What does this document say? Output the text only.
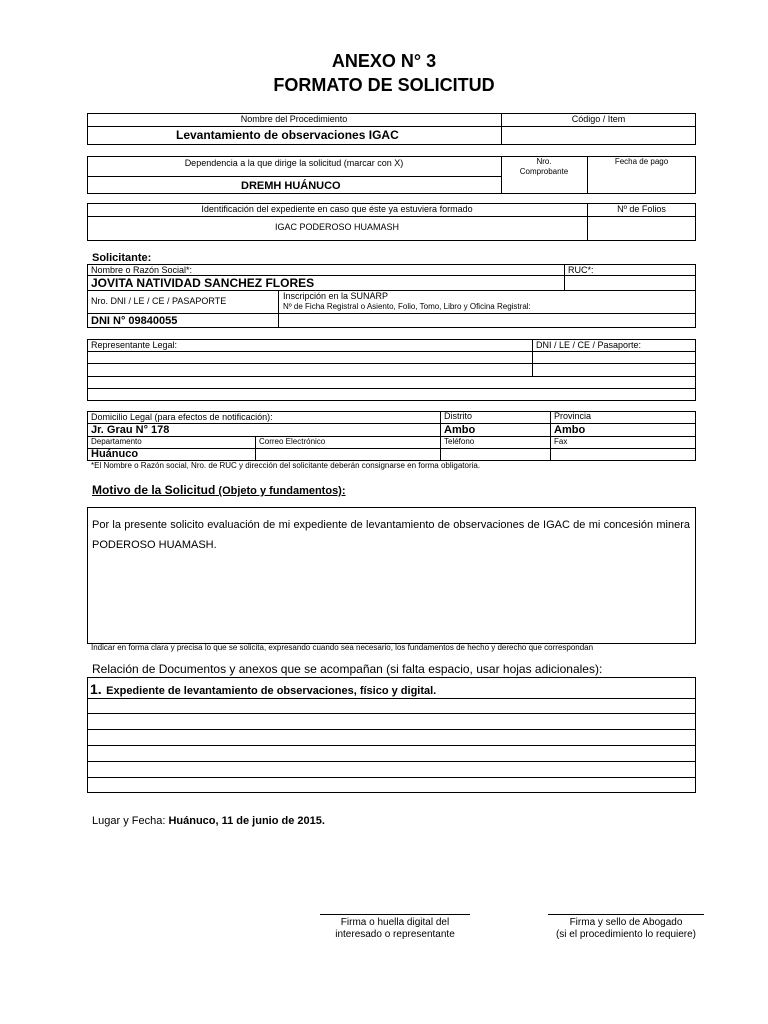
ANEXO N° 3
FORMATO DE SOLICITUD
Nombre del Procedimiento	Código / Item
Levantamiento de observaciones IGAC
Dependencia a la que dirige la solicitud (marcar con X)	Nro.
Comprobante
Fecha de pago
DREMH HUÁNUCO
Identificación del expediente en caso que éste ya estuviera formado	Nº de Folios
IGAC PODEROSO HUAMASH
Solicitante:
Nombre o Razón Social*:	RUC*:
JOVITA NATIVIDAD SANCHEZ FLORES
Nro. DNI / LE / CE / PASAPORTE	Inscripción en la SUNARP
Nº de Ficha Registral o Asiento, Folio, Tomo, Libro y Oficina Registral:
DNI N° 09840055
Representante Legal:	DNI / LE / CE / Pasaporte:
Domicilio Legal (para efectos de notificación):	Distrito	Provincia
Jr. Grau N° 178	Ambo	Ambo
Departamento	Correo Electrónico	Teléfono	Fax
Huánuco
*El Nombre o Razón social, Nro. de RUC y dirección del solicitante deberán consignarse en forma obligatoria.
Motivo de la Solicitud (Objeto y fundamentos):
Por la presente solicito evaluación de mi expediente de levantamiento de observaciones de IGAC de mi concesión minera PODEROSO HUAMASH.
Indicar en forma clara y precisa lo que se solicita, expresando cuando sea necesario, los fundamentos de hecho y derecho que correspondan
Relación de Documentos y anexos que se acompañan (si falta espacio, usar hojas adicionales):
1. Expediente de levantamiento de observaciones, físico y digital.
Lugar y Fecha: Huánuco, 11 de junio de 2015.
Firma o huella digital del
interesado o representante
Firma y sello de Abogado
(si el procedimiento lo requiere)
